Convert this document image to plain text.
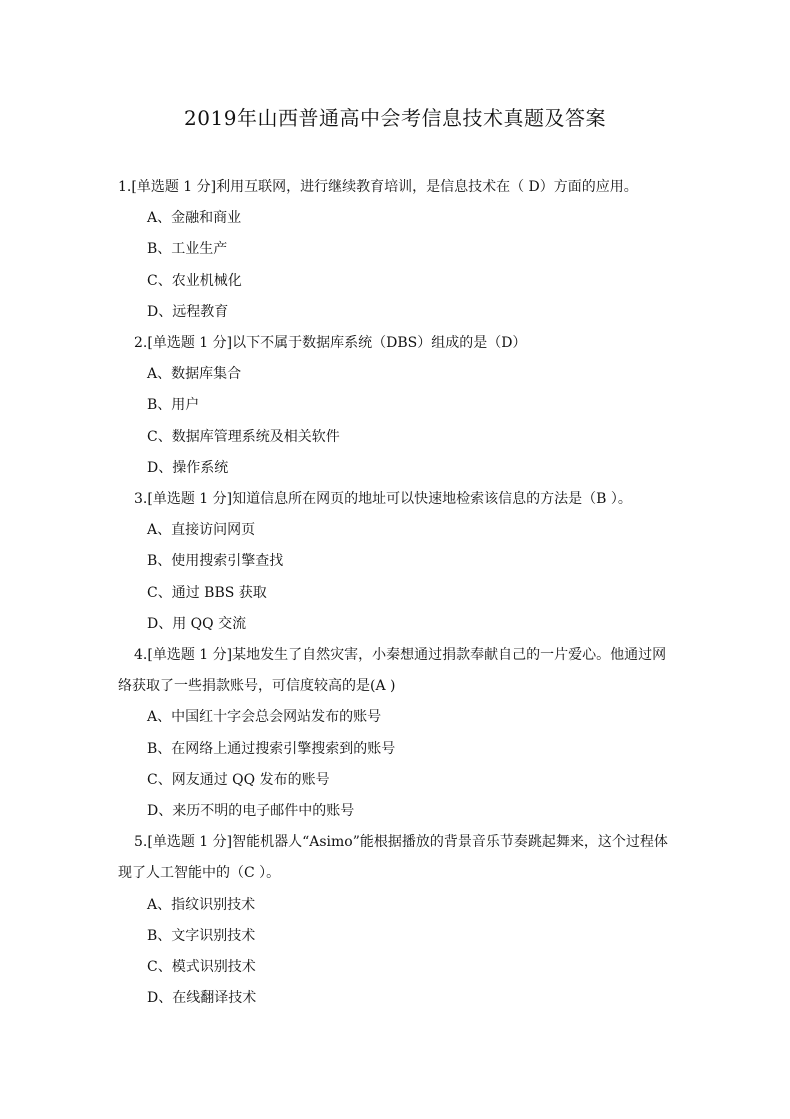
2019年山西普通高中会考信息技术真题及答案

1.[单选题 1 分]利用互联网，进行继续教育培训，是信息技术在（ D）方面的应用。

A、金融和商业

B、工业生产

C、农业机械化

D、远程教育

2.[单选题 1 分]以下不属于数据库系统（DBS）组成的是（D）

A、数据库集合

B、用户

C、数据库管理系统及相关软件

D、操作系统

3.[单选题 1 分]知道信息所在网页的地址可以快速地检索该信息的方法是（B ）。

A、直接访问网页

B、使用搜索引擎查找

C、通过 BBS 获取

D、用 QQ 交流

4.[单选题 1 分]某地发生了自然灾害，小秦想通过捐款奉献自己的一片爱心。他通过网络获取了一些捐款账号，可信度较高的是(A )

A、中国红十字会总会网站发布的账号

B、在网络上通过搜索引擎搜索到的账号

C、网友通过 QQ 发布的账号

D、来历不明的电子邮件中的账号

5.[单选题 1 分]智能机器人“Asimo”能根据播放的背景音乐节奏跳起舞来，这个过程体现了人工智能中的（C ）。

A、指纹识别技术

B、文字识别技术

C、模式识别技术

D、在线翻译技术
